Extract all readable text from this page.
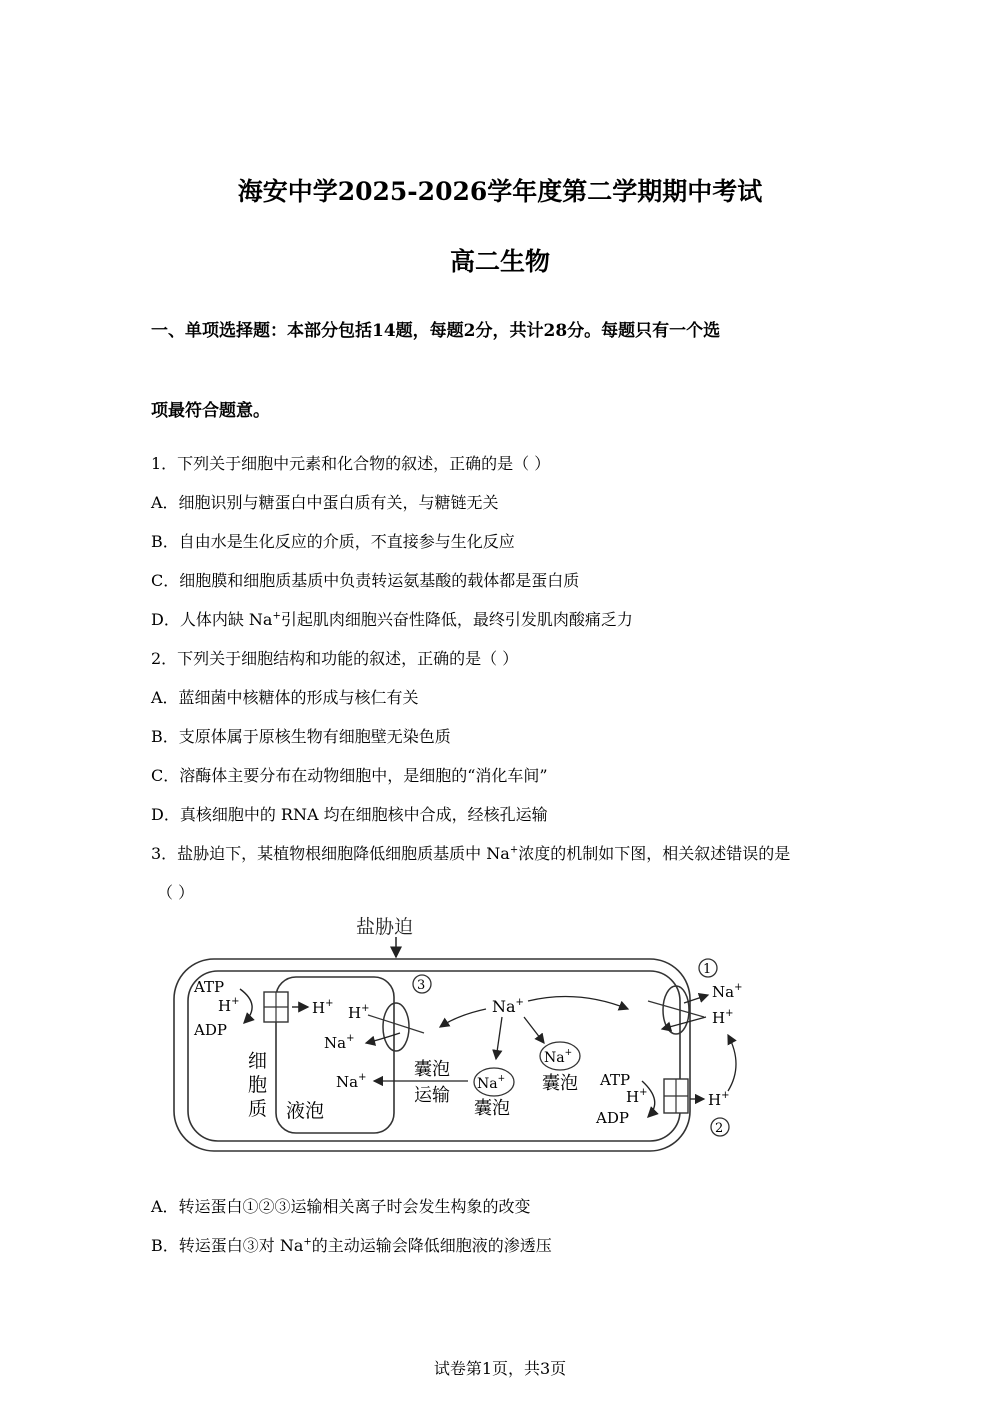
海安中学2025-2026学年度第二学期期中考试
高二生物
一、单项选择题：本部分包括14题，每题2分，共计28分。每题只有一个选
项最符合题意。
1．下列关于细胞中元素和化合物的叙述，正确的是（ ）
A．细胞识别与糖蛋白中蛋白质有关，与糖链无关
B．自由水是生化反应的介质，不直接参与生化反应
C．细胞膜和细胞质基质中负责转运氨基酸的载体都是蛋白质
D．人体内缺 Na+引起肌肉细胞兴奋性降低，最终引发肌肉酸痛乏力
2．下列关于细胞结构和功能的叙述，正确的是（ ）
A．蓝细菌中核糖体的形成与核仁有关
B．支原体属于原核生物有细胞壁无染色质
C．溶酶体主要分布在动物细胞中，是细胞的“消化车间”
D．真核细胞中的 RNA 均在细胞核中合成，经核孔运输
3．盐胁迫下，某植物根细胞降低细胞质基质中 Na+浓度的机制如下图，相关叙述错误的是
（ ）
盐胁迫
ATP
H+
ADP
H+
3
H+
Na+
Na+
Na+
囊泡
Na+
囊泡
囊泡
运输
Na+
细
胞
质 液泡
1
Na+
H+
ATP
H+
ADP
H+
2
A．转运蛋白①②③运输相关离子时会发生构象的改变
B．转运蛋白③对 Na+的主动运输会降低细胞液的渗透压
试卷第1页，共3页
